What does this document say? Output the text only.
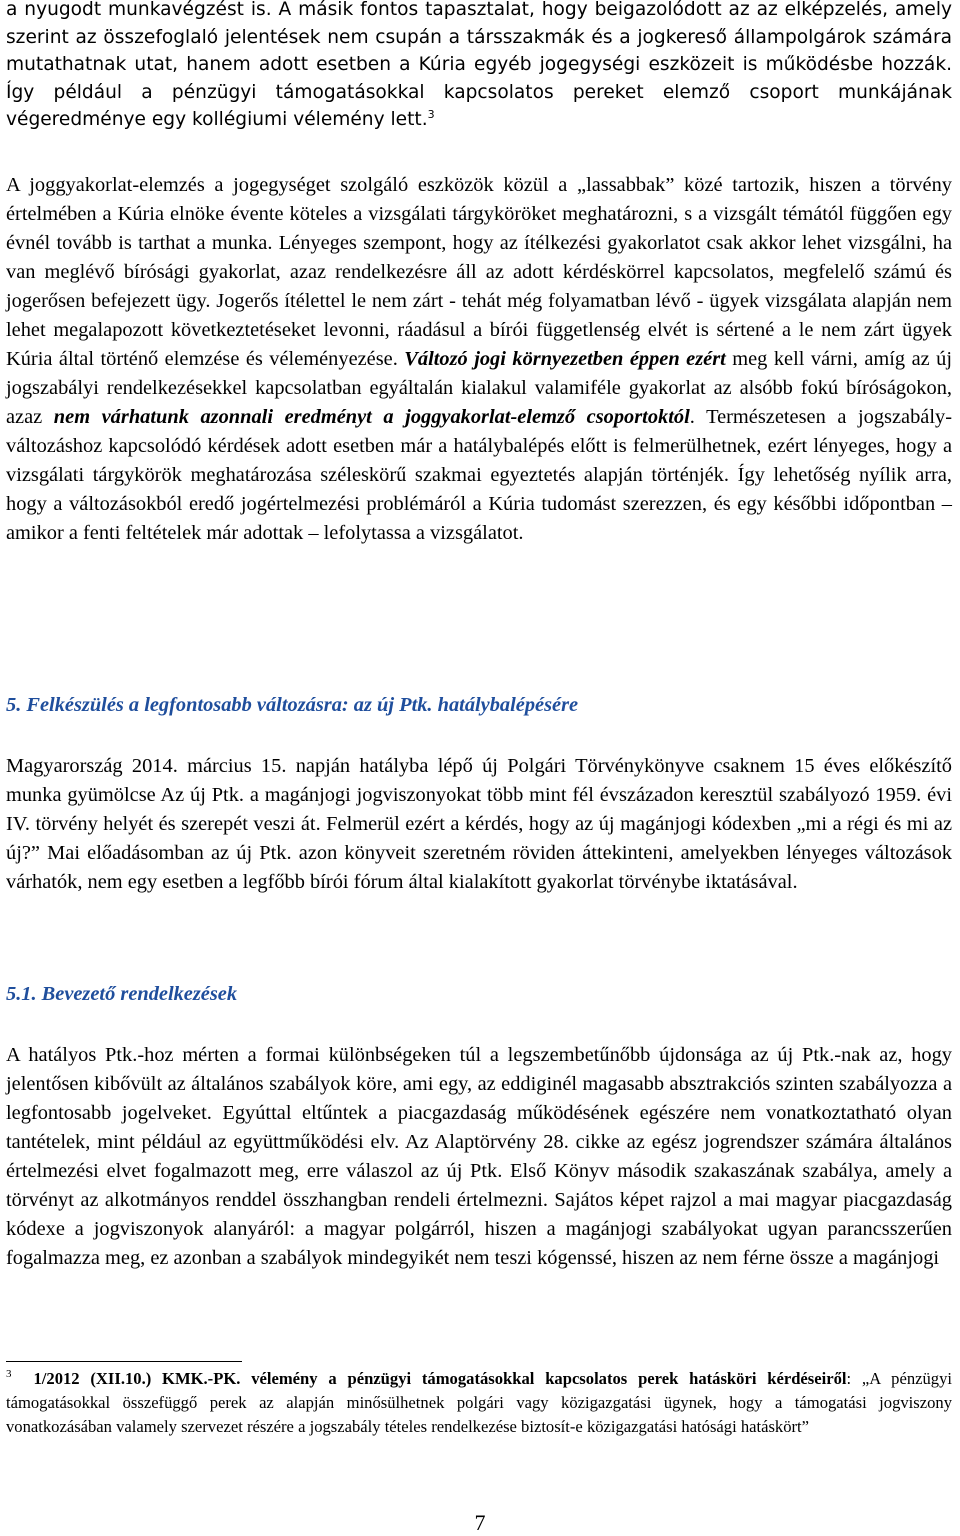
a nyugodt munkavégzést is. A másik fontos tapasztalat, hogy beigazolódott az az elképzelés, amely szerint az összefoglaló jelentések nem csupán a társszakmák és a jogkereső állampolgárok számára mutathatnak utat, hanem adott esetben a Kúria egyéb jogegységi eszközeit is működésbe hozzák. Így például a pénzügyi támogatásokkal kapcsolatos pereket elemző csoport munkájának végeredménye egy kollégiumi vélemény lett.$^3$

A joggyakorlat-elemzés a jogegységet szolgáló eszközök közül a „lassabbak” közé tartozik, hiszen a törvény értelmében a Kúria elnöke évente köteles a vizsgálati tárgyköröket meghatározni, s a vizsgált témától függően egy évnél tovább is tarthat a munka. Lényeges szempont, hogy az ítélkezési gyakorlatot csak akkor lehet vizsgálni, ha van meglévő bírósági gyakorlat, azaz rendelkezésre áll az adott kérdéskörrel kapcsolatos, megfelelő számú és jogerősen befejezett ügy. Jogerős ítélettel le nem zárt - tehát még folyamatban lévő - ügyek vizsgálata alapján nem lehet megalapozott következtetéseket levonni, ráadásul a bírói függetlenség elvét is sértené a le nem zárt ügyek Kúria által történő elemzése és véleményezése. Változó jogi környezetben éppen ezért meg kell várni, amíg az új jogszabályi rendelkezésekkel kapcsolatban egyáltalán kialakul valamiféle gyakorlat az alsóbb fokú bíróságokon, azaz nem várhatunk azonnali eredményt a joggyakorlat-elemző csoportoktól. Természetesen a jogszabály-változáshoz kapcsolódó kérdések adott esetben már a hatálybalépés előtt is felmerülhetnek, ezért lényeges, hogy a vizsgálati tárgykörök meghatározása széleskörű szakmai egyeztetés alapján történjék. Így lehetőség nyílik arra, hogy a változásokból eredő jogértelmezési problémáról a Kúria tudomást szerezzen, és egy későbbi időpontban – amikor a fenti feltételek már adottak – lefolytassa a vizsgálatot.

5. Felkészülés a legfontosabb változásra: az új Ptk. hatálybalépésére

Magyarország 2014. március 15. napján hatályba lépő új Polgári Törvénykönyve csaknem 15 éves előkészítő munka gyümölcse Az új Ptk. a magánjogi jogviszonyokat több mint fél évszázadon keresztül szabályozó 1959. évi IV. törvény helyét és szerepét veszi át. Felmerül ezért a kérdés, hogy az új magánjogi kódexben „mi a régi és mi az új?” Mai előadásomban az új Ptk. azon könyveit szeretném röviden áttekinteni, amelyekben lényeges változások várhatók, nem egy esetben a legfőbb bírói fórum által kialakított gyakorlat törvénybe iktatásával.

5.1. Bevezető rendelkezések

A hatályos Ptk.-hoz mérten a formai különbségeken túl a legszembetűnőbb újdonsága az új Ptk.-nak az, hogy jelentősen kibővült az általános szabályok köre, ami egy, az eddiginél magasabb absztrakciós szinten szabályozza a legfontosabb jogelveket. Egyúttal eltűntek a piacgazdaság működésének egészére nem vonatkoztatható olyan tantételek, mint például az együttműködési elv. Az Alaptörvény 28. cikke az egész jogrendszer számára általános értelmezési elvet fogalmazott meg, erre válaszol az új Ptk. Első Könyv második szakaszának szabálya, amely a törvényt az alkotmányos renddel összhangban rendeli értelmezni. Sajátos képet rajzol a mai magyar piacgazdaság kódexe a jogviszonyok alanyáról: a magyar polgárról, hiszen a magánjogi szabályokat ugyan parancsszerűen fogalmazza meg, ez azonban a szabályok mindegyikét nem teszi kógenssé, hiszen az nem férne össze a magánjogi

$^3$ 1/2012 (XII.10.) KMK.-PK. vélemény a pénzügyi támogatásokkal kapcsolatos perek hatásköri kérdéseiről: „A pénzügyi támogatásokkal összefüggő perek az alapján minősülhetnek polgári vagy közigazgatási ügynek, hogy a támogatási jogviszony vonatkozásában valamely szervezet részére a jogszabály tételes rendelkezése biztosít-e közigazgatási hatósági hatáskört”

7
